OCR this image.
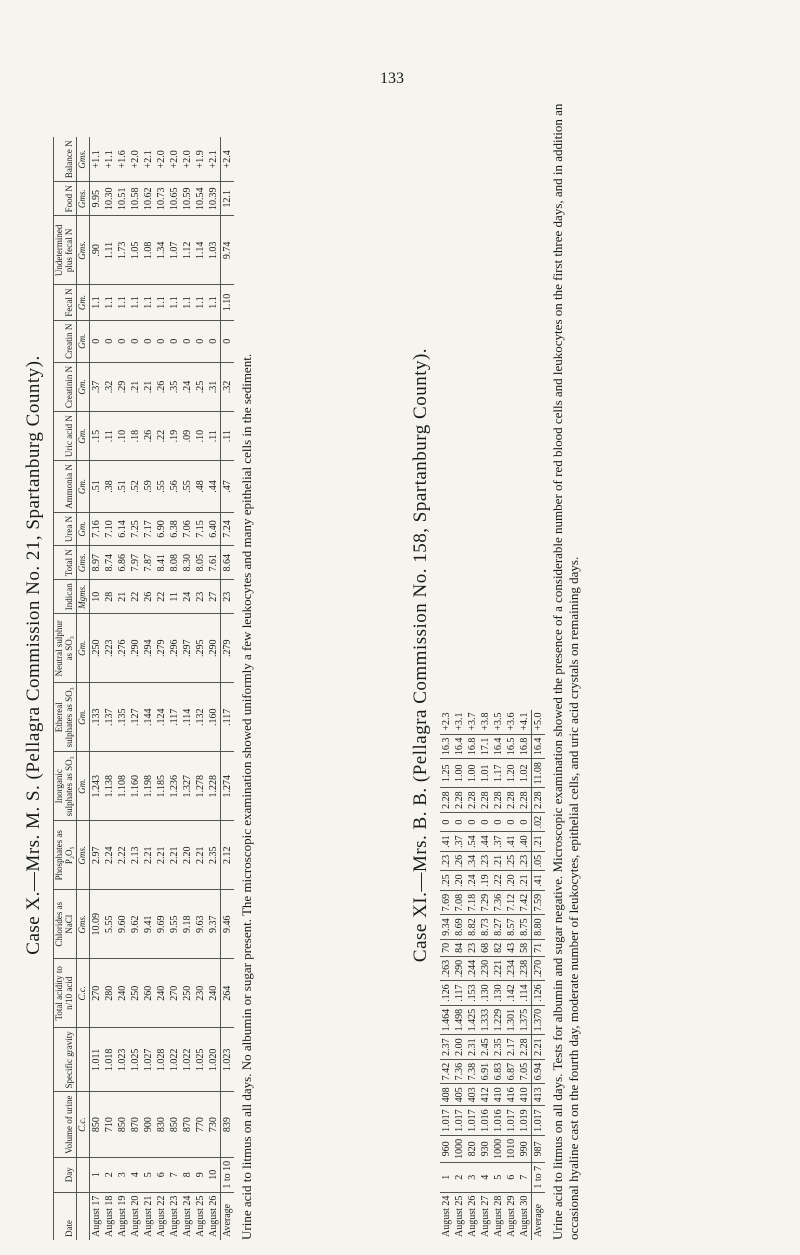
133
Case X.—Mrs. M. S. (Pellagra Commission No. 21, Spartanburg County).
Date	Day	Volume of urine	Specific gravity	Total acidity to n/10 acid	Chlorides as NaCl	Phosphates as P₂O₅	Inorganic sulphates as SO₃	Ethereal sulphates as SO₃	Neutral sulphur as SO₃	Indican	Total N	Urea N	Ammonia N	Uric acid N	Creatinin N	Creatin N	Fecal N	Undetermined plus fecal N	Food N	Balance N

		C.c.		C.c.	Gms.	Gms.	Gm.	Gm.	Gm.	Mgms.	Gms.	Gm.	Gm.	Gm.	Gm.	Gm.	Gm.	Gms.	Gms.	Gms.
August 17	1	850	1.011	270	10.09	2.97	1.243	.133	.250	10	8.97	7.16	.51	.15	.37	0	1.1	.90	9.95	+1.1
August 18	2	710	1.018	280	5.55	2.24	1.138	.137	.223	28	8.74	7.10	.38	.11	.32	0	1.1	1.11	10.30	+1.1
August 19	3	850	1.023	240	9.60	2.22	1.108	.135	.276	21	6.86	6.14	.51	.10	.29	0	1.1	1.73	10.51	+1.6
August 20	4	870	1.025	250	9.62	2.13	1.160	.127	.290	22	7.97	7.25	.52	.18	.21	0	1.1	1.05	10.58	+2.0
August 21	5	900	1.027	260	9.41	2.21	1.198	.144	.294	26	7.87	7.17	.59	.26	.21	0	1.1	1.08	10.62	+2.1
August 22	6	830	1.028	240	9.69	2.21	1.185	.124	.279	22	8.41	6.90	.55	.22	.26	0	1.1	1.34	10.73	+2.0
August 23	7	850	1.022	270	9.55	2.21	1.236	.117	.296	11	8.08	6.38	.56	.19	.35	0	1.1	1.07	10.65	+2.0
August 24	8	870	1.022	250	9.18	2.20	1.327	.114	.297	24	8.30	7.06	.55	.09	.24	0	1.1	1.12	10.59	+2.0
August 25	9	770	1.025	230	9.63	2.21	1.278	.132	.295	23	8.05	7.15	.48	.10	.25	0	1.1	1.14	10.54	+1.9
August 26	10	730	1.020	240	9.37	2.35	1.228	.160	.290	27	7.61	6.40	.44	.11	.31	0	1.1	1.03	10.39	+2.1
Average	1 to 10	839	1.023	264	9.46	2.12	1.274	.117	.279	23	8.64	7.24	.47	.11	.32	0	1.10	9.74	12.1	+2.4
Urine acid to litmus on all days. No albumin or sugar present. The microscopic examination showed uniformly a few leukocytes and many epithelial cells in the sediment.	Case XI.—Mrs. B. B. (Pellagra Commission No. 158, Spartanburg County).
August 24	1	960	1.017	408	7.42	2.37	1.464	.126	.263	70	9.34	7.69	.25	.23	.41	0	2.28	1.25	16.3	+2.3
August 25	2	1000	1.017	405	7.36	2.00	1.498	.117	.290	84	8.69	7.08	.20	.26	.37	0	2.28	1.00	16.4	+3.1
August 26	3	820	1.017	403	7.38	2.31	1.425	.153	.244	23	8.82	7.18	.24	.34	.54	0	2.28	1.00	16.8	+3.7
August 27	4	930	1.016	412	6.91	2.45	1.333	.130	.230	68	8.73	7.29	.19	.23	.44	0	2.28	1.01	17.1	+3.8
August 28	5	1000	1.016	410	6.83	2.35	1.229	.130	.221	82	8.27	7.36	.22	.21	.37	0	2.28	1.17	16.4	+3.5
August 29	6	1010	1.017	416	6.87	2.17	1.301	.142	.234	43	8.57	7.12	.20	.25	.41	0	2.28	1.20	16.5	+3.6
August 30	7	990	1.019	410	7.05	2.28	1.375	.114	.238	58	8.75	7.42	.21	.23	.40	0	2.28	1.02	16.8	+4.1
Average	1 to 7	987	1.017	413	6.94	2.21	1.370	.126	.270	71	8.80	7.59	.41	.05	.21	.02	2.28	11.08	16.4	+5.0 Urine acid to litmus on all days. Tests for albumin and sugar negative. Microscopic examination showed the presence of a considerable number of red blood cells and leukocytes on the first three days, and in addition an occasional hyaline cast on the fourth day, moderate number of leukocytes, epithelial cells, and uric acid crystals on remaining days.
